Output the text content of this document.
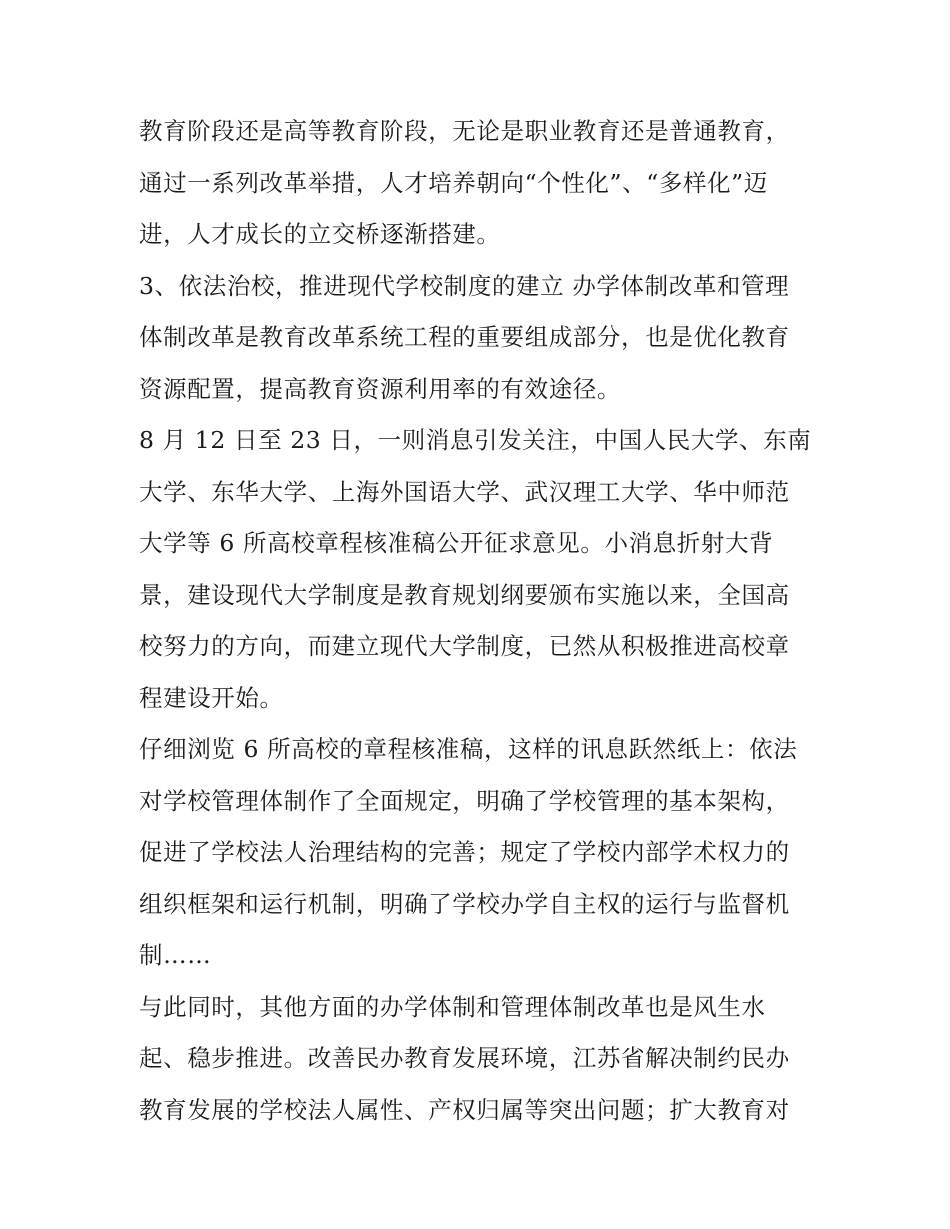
教育阶段还是高等教育阶段，无论是职业教育还是普通教育，
通过一系列改革举措，人才培养朝向“个性化”、“多样化”迈
进，人才成长的立交桥逐渐搭建。
3、依法治校，推进现代学校制度的建立 办学体制改革和管理
体制改革是教育改革系统工程的重要组成部分，也是优化教育
资源配置，提高教育资源利用率的有效途径。
8 月 12 日至 23 日，一则消息引发关注，中国人民大学、东南
大学、东华大学、上海外国语大学、武汉理工大学、华中师范
大学等 6 所高校章程核准稿公开征求意见。小消息折射大背
景，建设现代大学制度是教育规划纲要颁布实施以来，全国高
校努力的方向，而建立现代大学制度，已然从积极推进高校章
程建设开始。
仔细浏览 6 所高校的章程核准稿，这样的讯息跃然纸上：依法
对学校管理体制作了全面规定，明确了学校管理的基本架构，
促进了学校法人治理结构的完善；规定了学校内部学术权力的
组织框架和运行机制，明确了学校办学自主权的运行与监督机
制……
与此同时，其他方面的办学体制和管理体制改革也是风生水
起、稳步推进。改善民办教育发展环境，江苏省解决制约民办
教育发展的学校法人属性、产权归属等突出问题；扩大教育对
